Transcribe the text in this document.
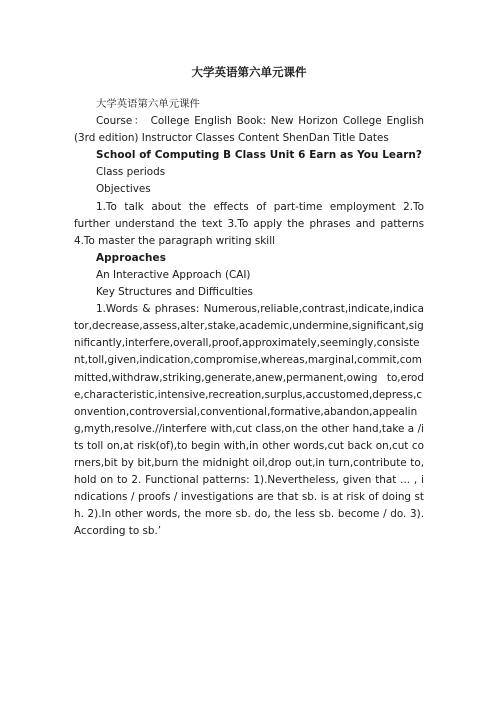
大学英语第六单元课件

大学英语第六单元课件

Course： College English Book: New Horizon College English (3rd edition) Instructor Classes Content ShenDan Title Dates

School of Computing B Class Unit 6 Earn as You Learn?

Class periods

Objectives

1.To talk about the effects of part-time employment 2.To further understand the text 3.To apply the phrases and patterns 4.To master the paragraph writing skill

Approaches

An Interactive Approach (CAI)

Key Structures and Difficulties

1.Words & phrases: Numerous,reliable,contrast,indicate,indicator,decrease,assess,alter,stake,academic,undermine,significant,significantly,interfere,overall,proof,approximately,seemingly,consistent,toll,given,indication,compromise,whereas,marginal,commit,committed,withdraw,striking,generate,anew,permanent,owing to,erode,characteristic,intensive,recreation,surplus,accustomed,depress,convention,controversial,conventional,formative,abandon,appealing,myth,resolve.//interfere with,cut class,on the other hand,take a /its toll on,at risk(of),to begin with,in other words,cut back on,cut corners,bit by bit,burn the midnight oil,drop out,in turn,contribute to,hold on to 2. Functional patterns: 1).Nevertheless, given that ... , indications / proofs / investigations are that sb. is at risk of doing sth. 2).In other words, the more sb. do, the less sb. become / do. 3). According to sb.’
